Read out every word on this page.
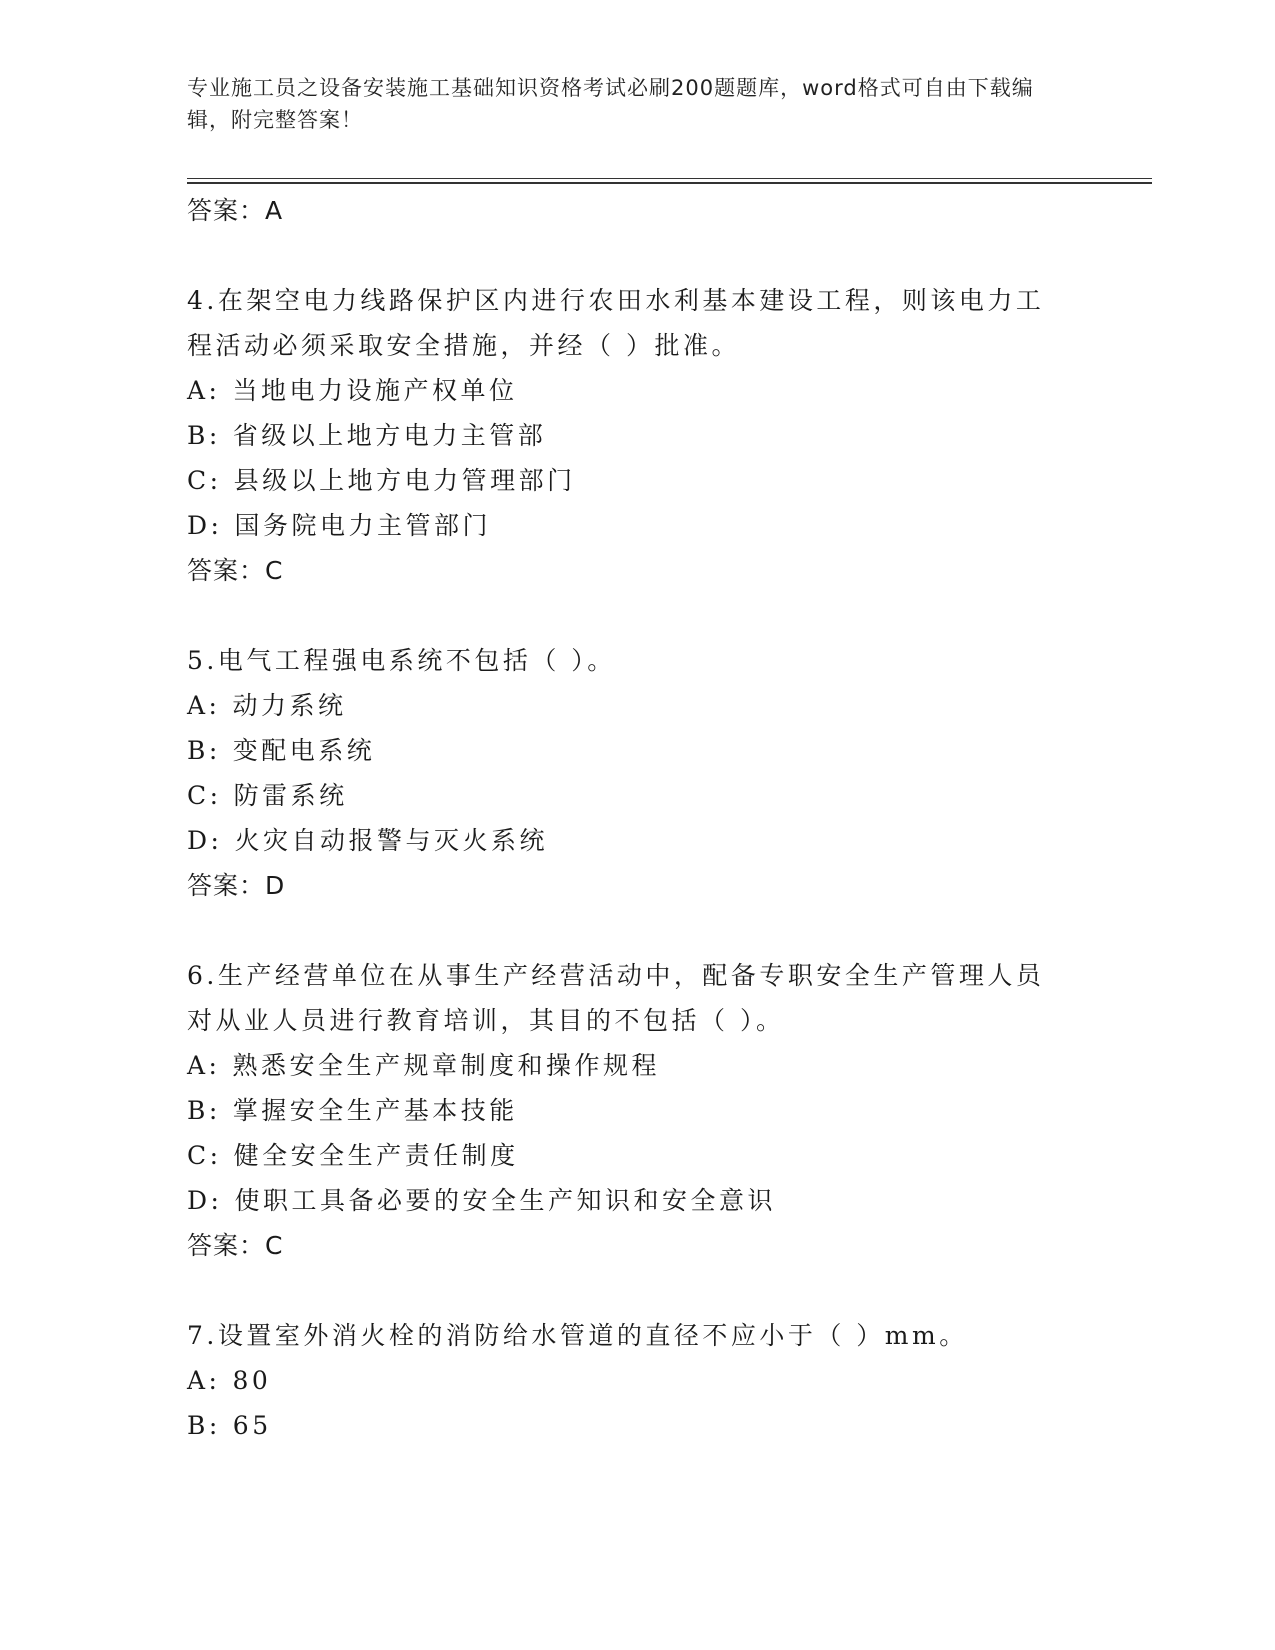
专业施工员之设备安装施工基础知识资格考试必刷200题题库，word格式可自由下载编辑，附完整答案！
答案：A
4.在架空电力线路保护区内进行农田水利基本建设工程，则该电力工程活动必须采取安全措施，并经（ ）批准。
A: 当地电力设施产权单位
B: 省级以上地方电力主管部
C: 县级以上地方电力管理部门
D: 国务院电力主管部门
答案：C
5.电气工程强电系统不包括（ ）。
A: 动力系统
B: 变配电系统
C: 防雷系统
D: 火灾自动报警与灭火系统
答案：D
6.生产经营单位在从事生产经营活动中，配备专职安全生产管理人员对从业人员进行教育培训，其目的不包括（ ）。
A: 熟悉安全生产规章制度和操作规程
B: 掌握安全生产基本技能
C: 健全安全生产责任制度
D: 使职工具备必要的安全生产知识和安全意识
答案：C
7.设置室外消火栓的消防给水管道的直径不应小于（ ）mm。
A: 80
B: 65
